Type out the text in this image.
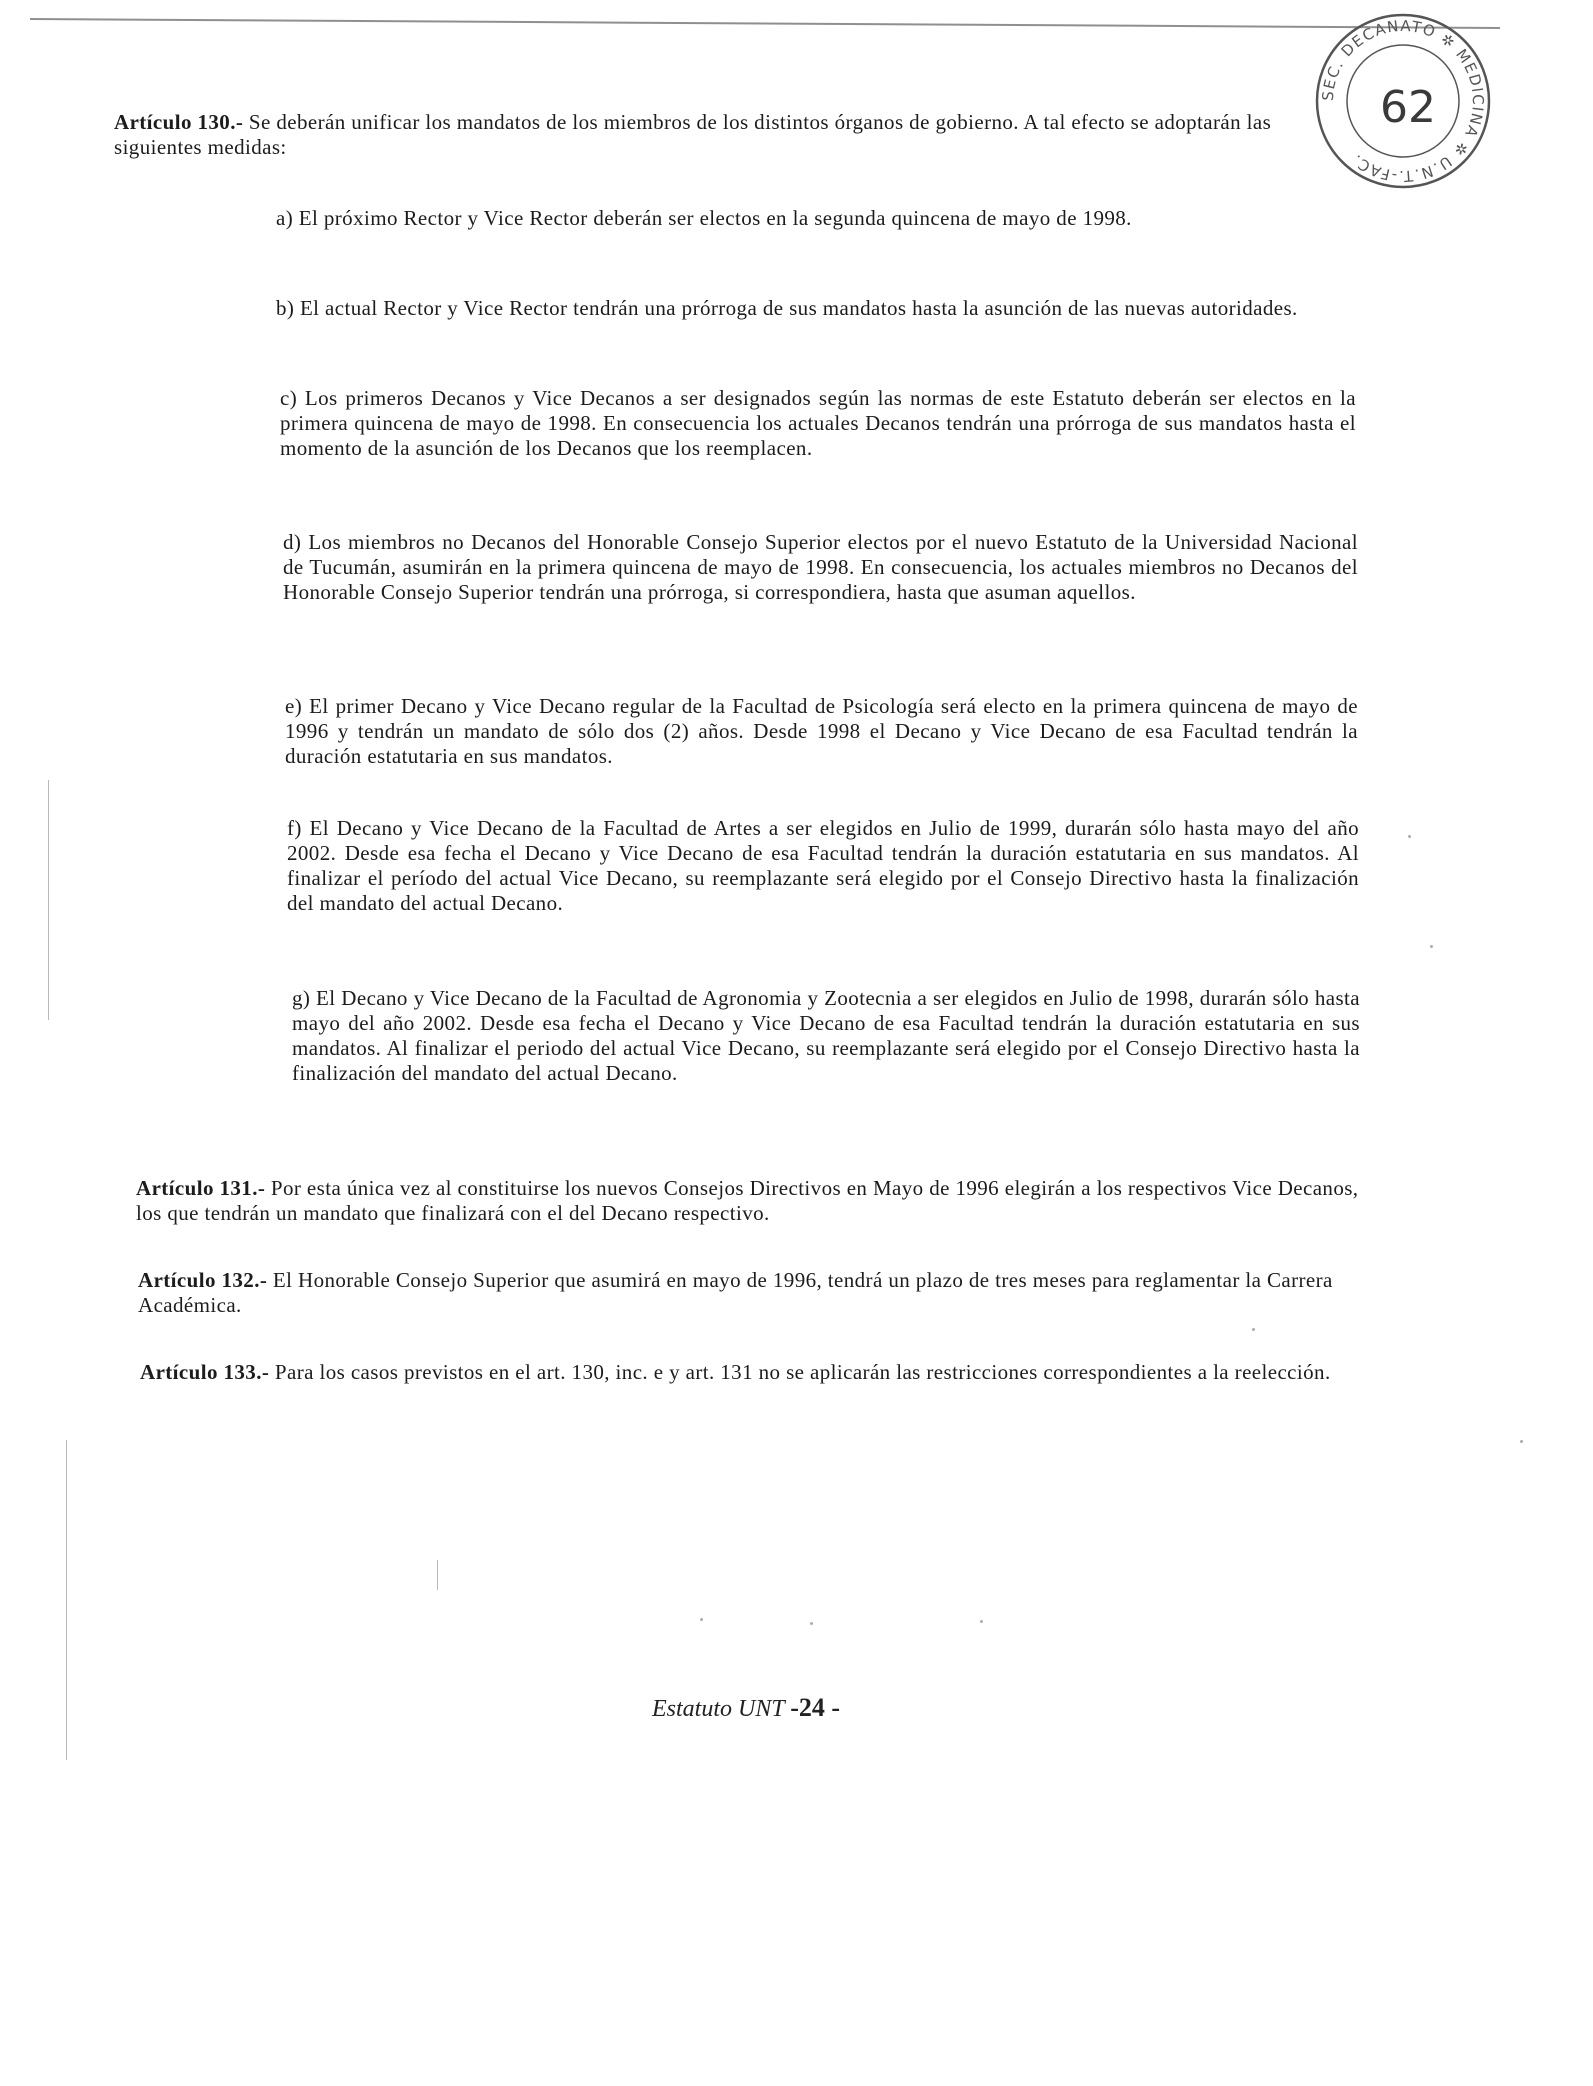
SEC. DECANATO ✲ MEDICINA ✲ U.N.T.-FAC.
62
Artículo 130.- Se deberán unificar los mandatos de los miembros de los distintos órganos de gobierno. A tal efecto se adoptarán las siguientes medidas:
a) El próximo Rector y Vice Rector deberán ser electos en la segunda quincena de mayo de 1998.
b) El actual Rector y Vice Rector tendrán una prórroga de sus mandatos hasta la asunción de las nuevas autoridades.
c) Los primeros Decanos y Vice Decanos a ser designados según las normas de este Estatuto deberán ser electos en la primera quincena de mayo de 1998. En consecuencia los actuales Decanos tendrán una prórroga de sus mandatos hasta el momento de la asunción de los Decanos que los reemplacen.
d) Los miembros no Decanos del Honorable Consejo Superior electos por el nuevo Estatuto de la Universidad Nacional de Tucumán, asumirán en la primera quincena de mayo de 1998. En consecuencia, los actuales miembros no Decanos del Honorable Consejo Superior tendrán una prórroga, si correspondiera, hasta que asuman aquellos.
e) El primer Decano y Vice Decano regular de la Facultad de Psicología será electo en la primera quincena de mayo de 1996 y tendrán un mandato de sólo dos (2) años. Desde 1998 el Decano y Vice Decano de esa Facultad tendrán la duración estatutaria en sus mandatos.
f) El Decano y Vice Decano de la Facultad de Artes a ser elegidos en Julio de 1999, durarán sólo hasta mayo del año 2002. Desde esa fecha el Decano y Vice Decano de esa Facultad tendrán la duración estatutaria en sus mandatos. Al finalizar el período del actual Vice Decano, su reemplazante será elegido por el Consejo Directivo hasta la finalización del mandato del actual Decano.
g) El Decano y Vice Decano de la Facultad de Agronomia y Zootecnia a ser elegidos en Julio de 1998, durarán sólo hasta mayo del año 2002. Desde esa fecha el Decano y Vice Decano de esa Facultad tendrán la duración estatutaria en sus mandatos. Al finalizar el periodo del actual Vice Decano, su reemplazante será elegido por el Consejo Directivo hasta la finalización del mandato del actual Decano.
Artículo 131.- Por esta única vez al constituirse los nuevos Consejos Directivos en Mayo de 1996 elegirán a los respectivos Vice Decanos, los que tendrán un mandato que finalizará con el del Decano respectivo.
Artículo 132.- El Honorable Consejo Superior que asumirá en mayo de 1996, tendrá un plazo de tres meses para reglamentar la Carrera Académica.
Artículo 133.- Para los casos previstos en el art. 130, inc. e y art. 131 no se aplicarán las restricciones correspondientes a la reelección.
Estatuto UNT -24 -
